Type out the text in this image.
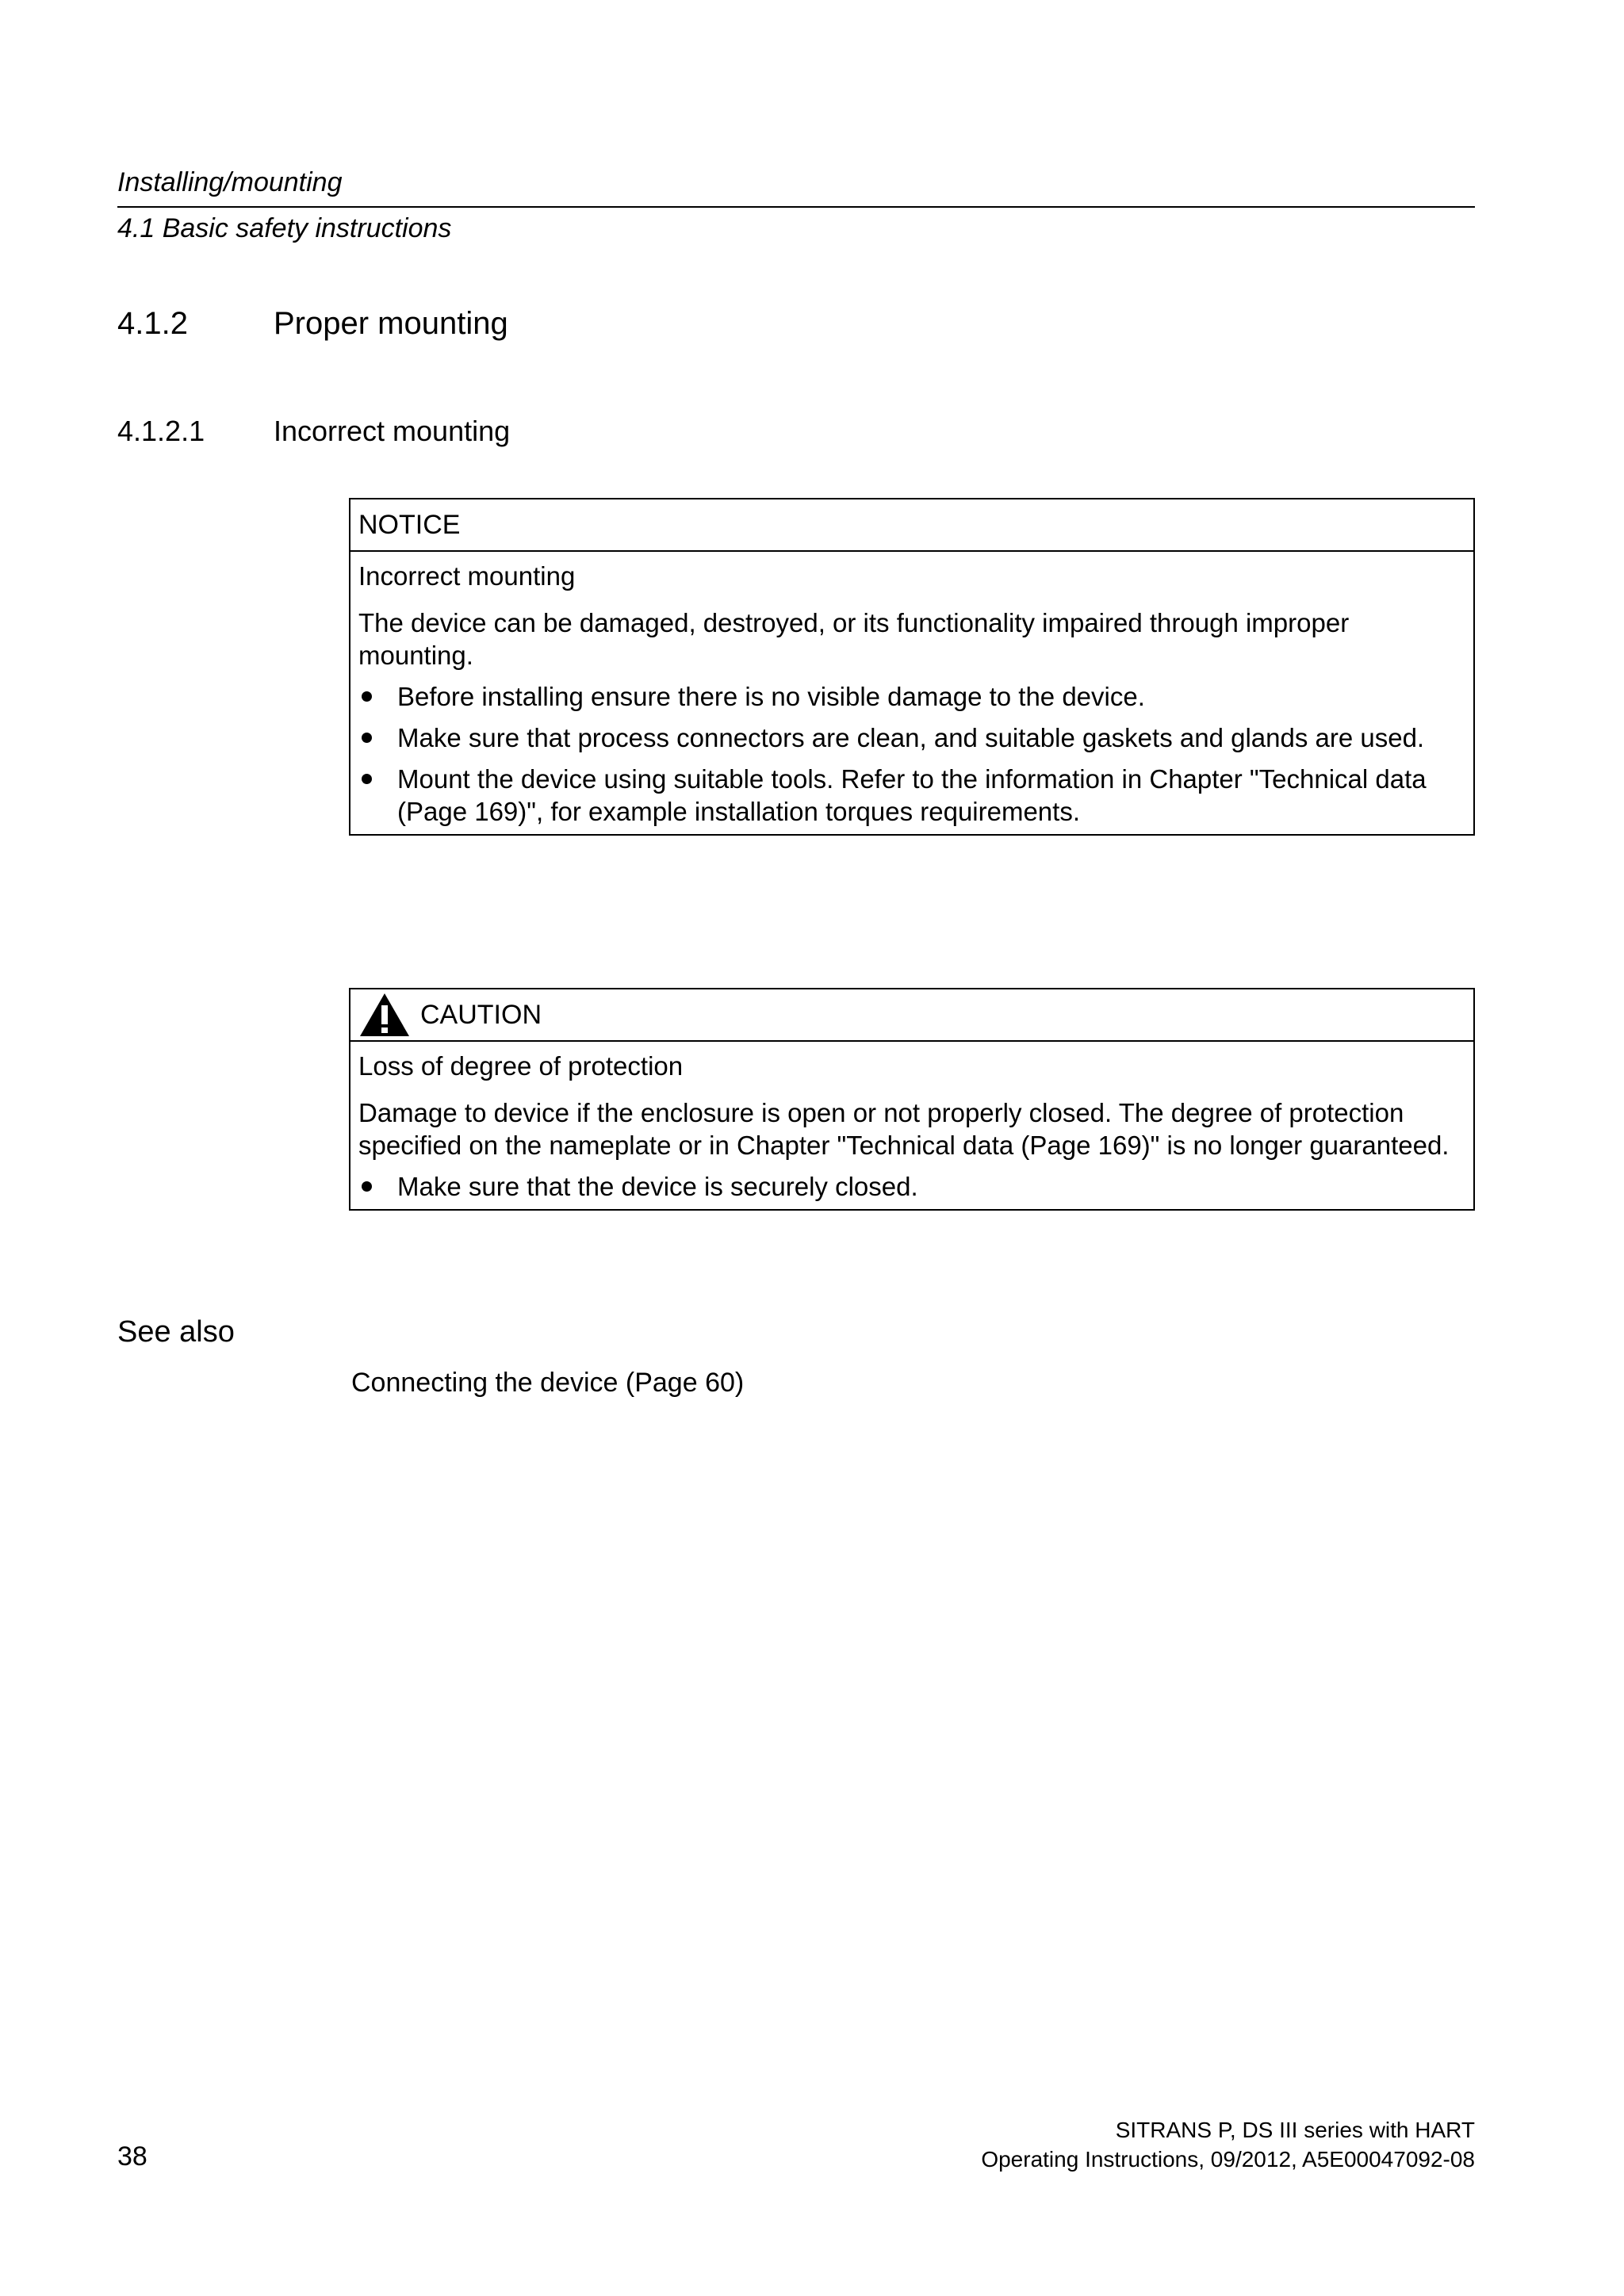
Installing/mounting
4.1 Basic safety instructions
4.1.2	Proper mounting
4.1.2.1 Incorrect mounting
NOTICE
Incorrect mounting

The device can be damaged, destroyed, or its functionality impaired through improper mounting.

Before installing ensure there is no visible damage to the device.
Make sure that process connectors are clean, and suitable gaskets and glands are used.
Mount the device using suitable tools. Refer to the information in Chapter "Technical data (Page 169)", for example installation torques requirements.
CAUTION
Loss of degree of protection

Damage to device if the enclosure is open or not properly closed. The degree of protection specified on the nameplate or in Chapter "Technical data (Page 169)" is no longer guaranteed.

Make sure that the device is securely closed.
See also
Connecting the device (Page 60)
38
SITRANS P, DS III series with HART
Operating Instructions, 09/2012, A5E00047092-08
